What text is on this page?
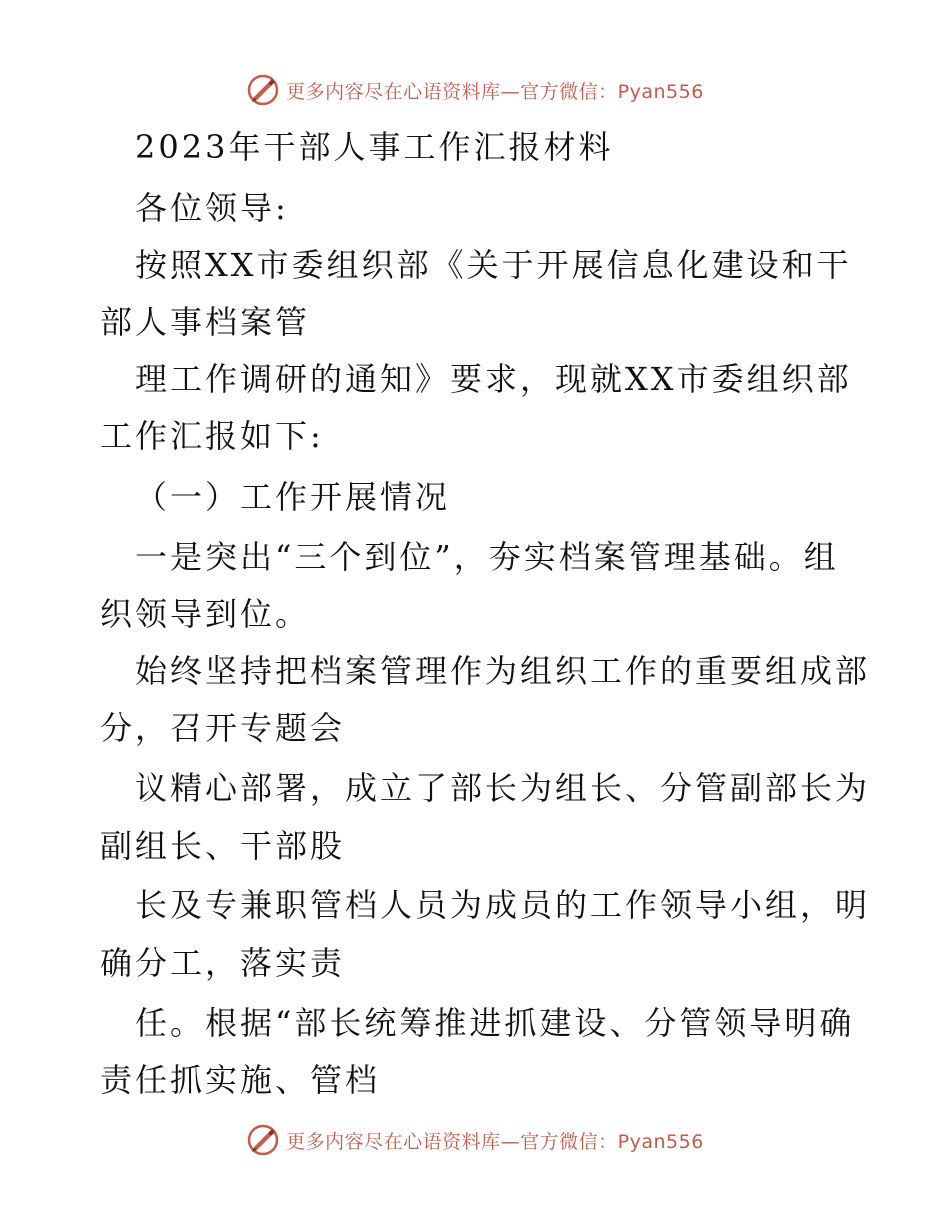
更多内容尽在心语资料库—官方微信：Pyan556
2023年干部人事工作汇报材料
各位领导:
按照XX市委组织部《关于开展信息化建设和干
部人事档案管
理工作调研的通知》要求，现就XX市委组织部
工作汇报如下:
（一）工作开展情况
一是突出“三个到位”，夯实档案管理基础。组
织领导到位。
始终坚持把档案管理作为组织工作的重要组成部
分，召开专题会
议精心部署，成立了部长为组长、分管副部长为
副组长、干部股
长及专兼职管档人员为成员的工作领导小组，明
确分工，落实责
任。根据“部长统筹推进抓建设、分管领导明确
责任抓实施、管档
更多内容尽在心语资料库—官方微信：Pyan556
